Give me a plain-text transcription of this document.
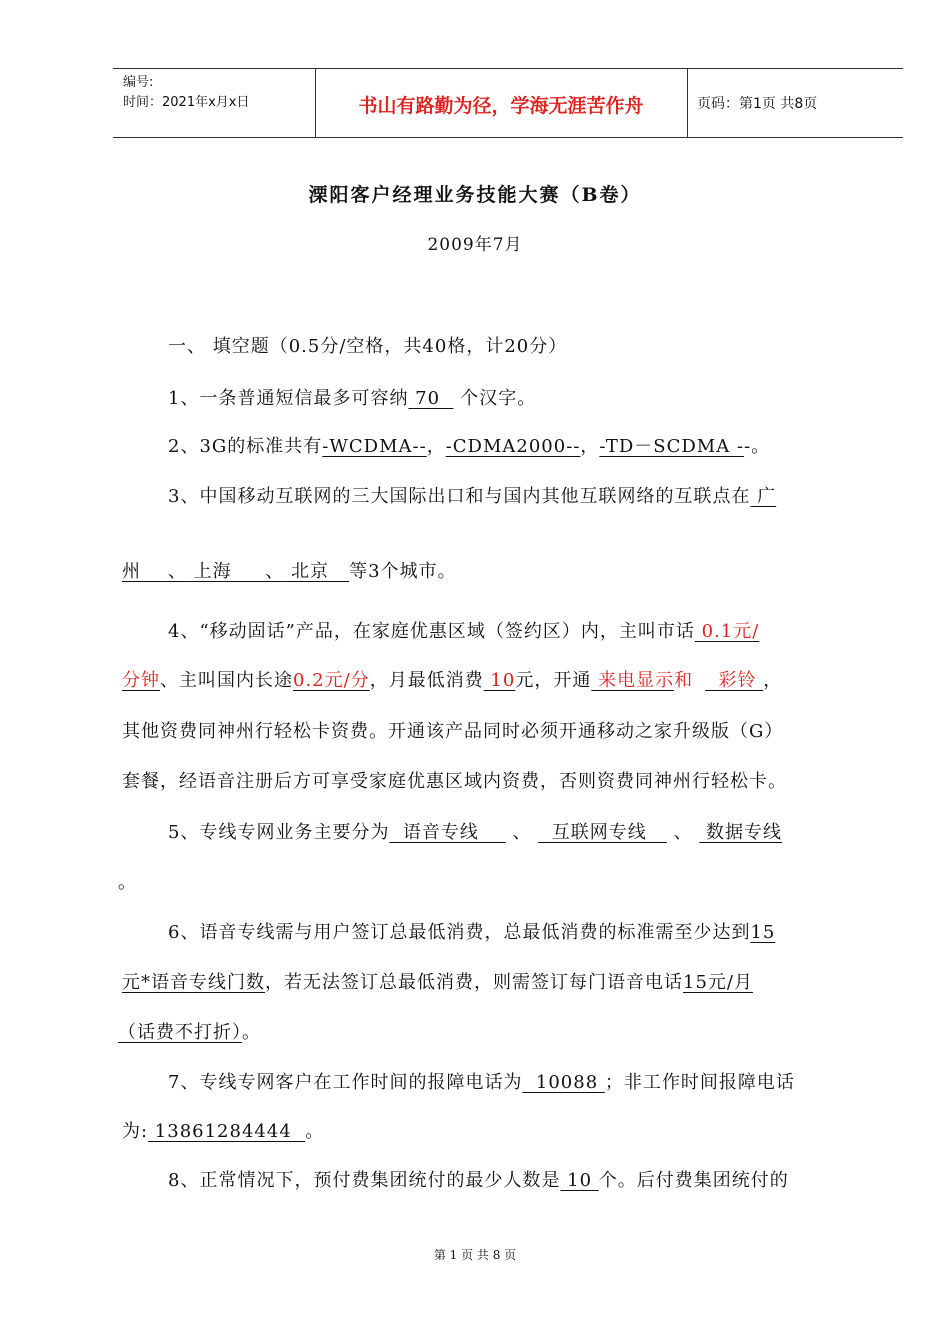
编号:
时间：2021年x月x日	书山有路勤为径，学海无涯苦作舟	页码：第1页 共8页
溧阳客户经理业务技能大赛（B卷）
2009年7月
一、 填空题（0.5分/空格，共40格，计20分）
1、一条普通短信最多可容纳 70   个汉字。
2、3G的标准共有-WCDMA--，-CDMA2000--，-TD－SCDMA --。
3、中国移动互联网的三大国际出口和与国内其他互联网络的互联点在 广
州    、 上海     、 北京   等3个城市。
4、“移动固话”产品，在家庭优惠区域（签约区）内，主叫市话 0.1元/
分钟、主叫国内长途0.2元/分，月最低消费 10元，开通 来电显示和  彩铃 ，
其他资费同神州行轻松卡资费。开通该产品同时必须开通移动之家升级版（G）
套餐，经语音注册后方可享受家庭优惠区域内资费，否则资费同神州行轻松卡。
5、专线专网业务主要分为  语音专线     、   互联网专线    、  数据专线
。
6、语音专线需与用户签订总最低消费，总最低消费的标准需至少达到15
元*语音专线门数，若无法签订总最低消费，则需签订每门语音电话15元/月
（话费不打折）。
7、专线专网客户在工作时间的报障电话为  10088 ；非工作时间报障电话
为: 13861284444  。
8、正常情况下，预付费集团统付的最少人数是 10 个。后付费集团统付的
第 1 页 共 8 页
